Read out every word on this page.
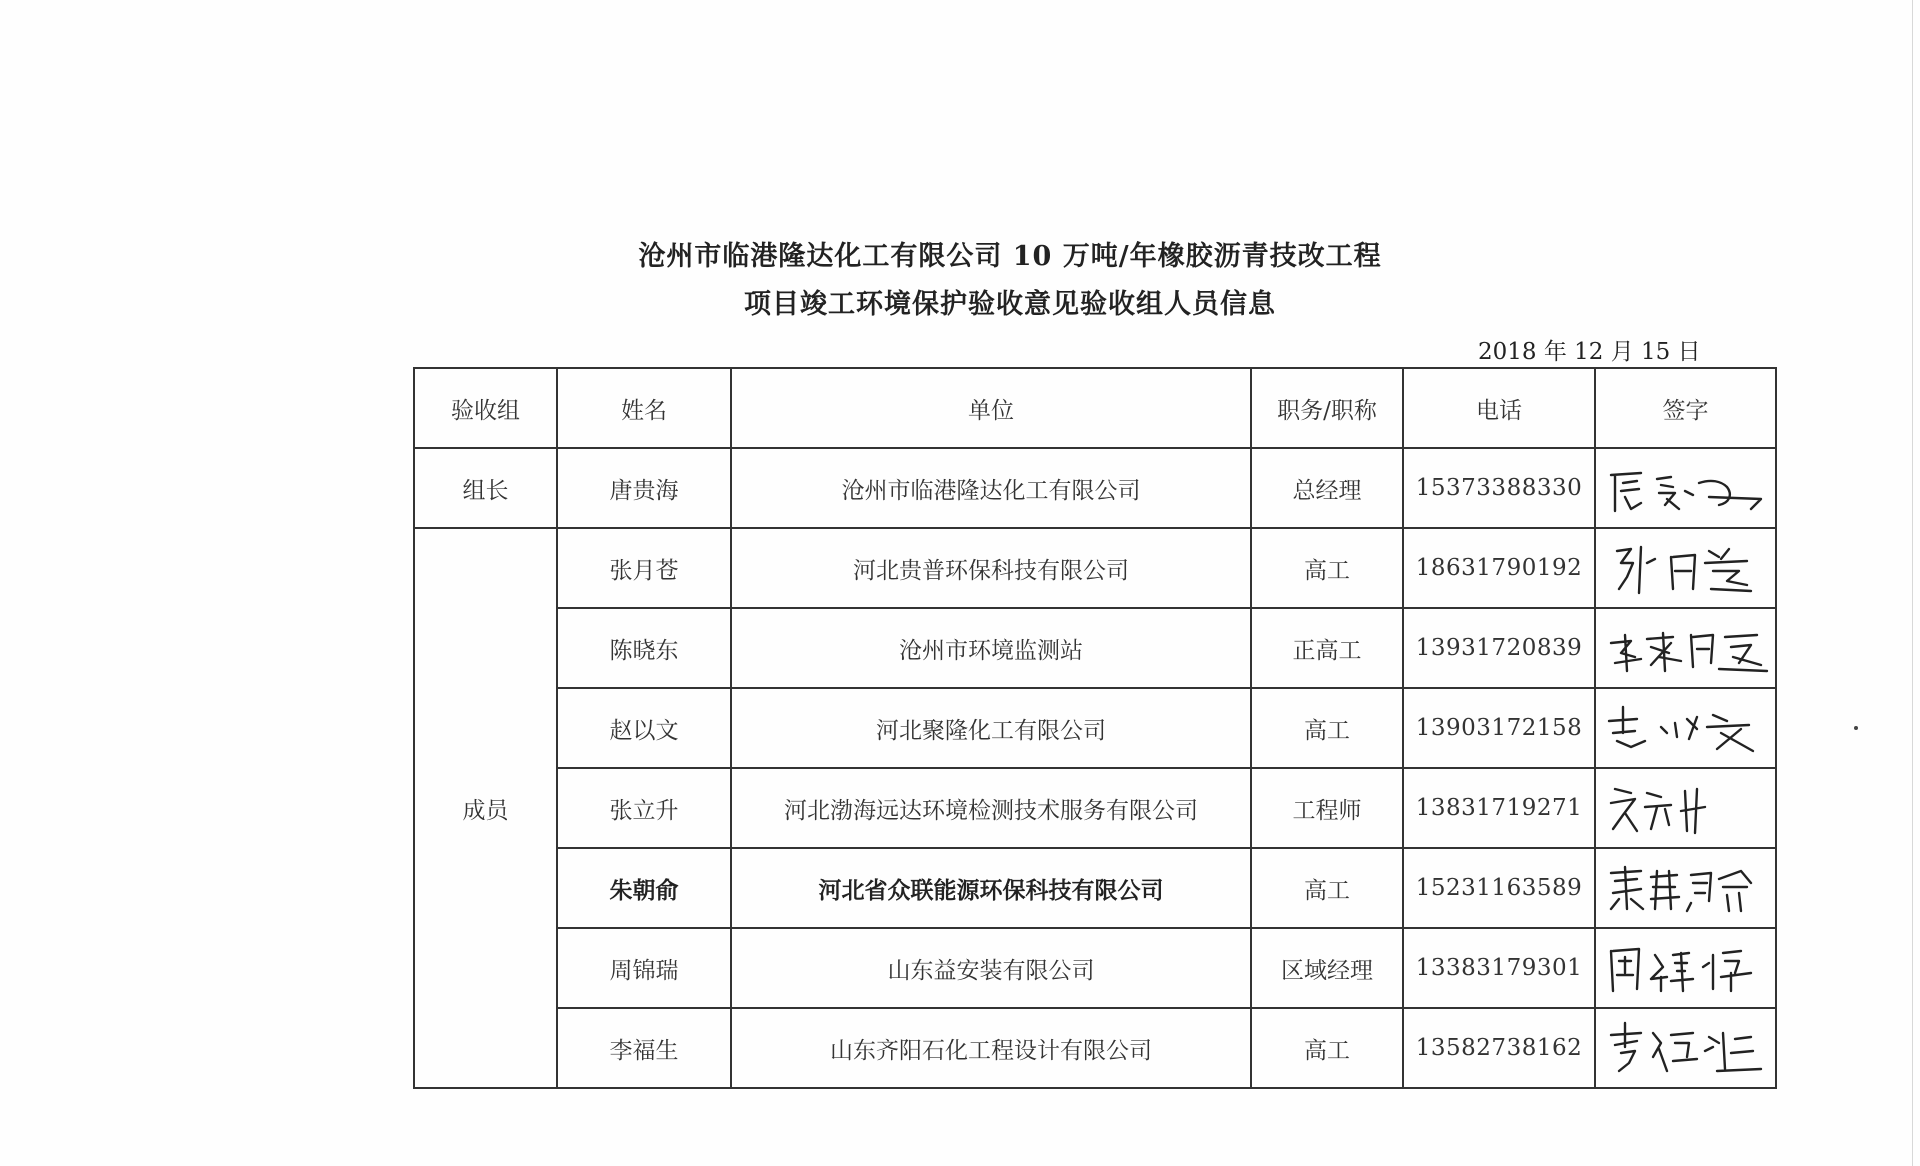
沧州市临港隆达化工有限公司 10 万吨/年橡胶沥青技改工程
项目竣工环境保护验收意见验收组人员信息
2018 年 12 月 15 日
验收组	姓名	单位	职务/职称	电话	签字
组长	唐贵海	沧州市临港隆达化工有限公司	总经理	15373388330	

成员	张月苍	河北贵普环保科技有限公司	高工	18631790192	

	陈晓东	沧州市环境监测站	正高工	13931720839	

	赵以文	河北聚隆化工有限公司	高工	13903172158	

	张立升	河北渤海远达环境检测技术服务有限公司	工程师	13831719271	

	朱朝俞	河北省众联能源环保科技有限公司	高工	15231163589	

	周锦瑞	山东益安装有限公司	区域经理	13383179301	

	李福生	山东齐阳石化工程设计有限公司	高工	13582738162	
